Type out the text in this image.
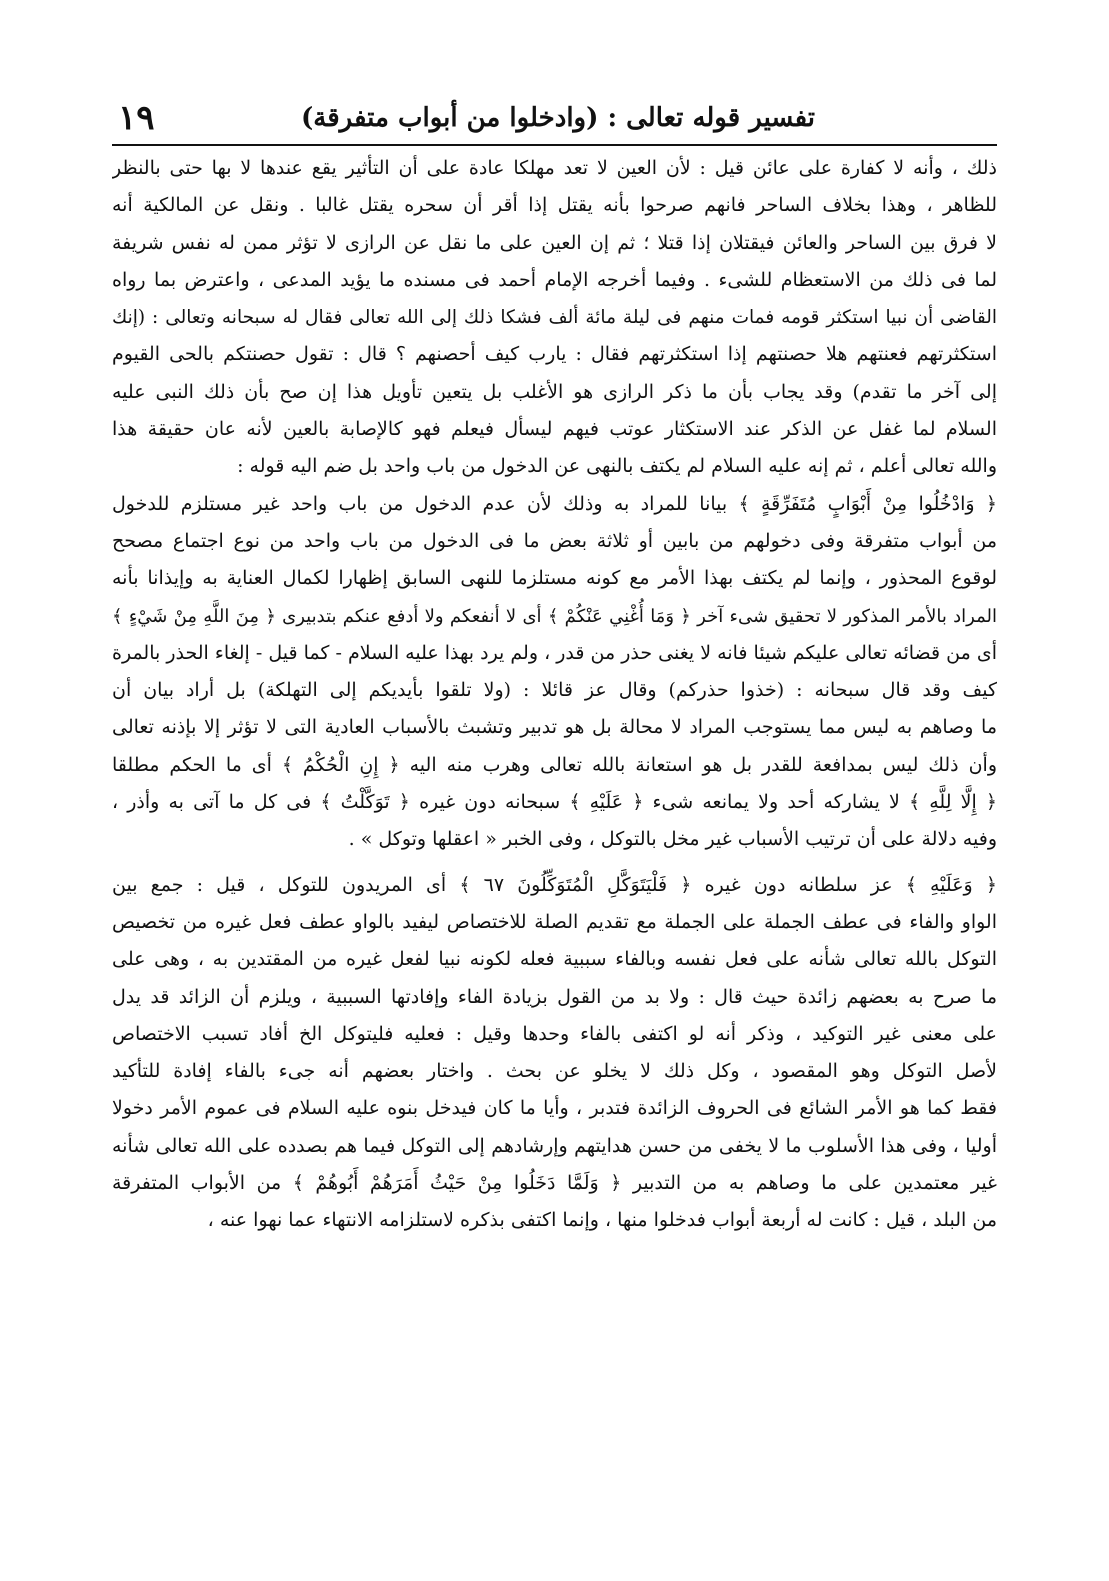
تفسير قوله تعالى : (وادخلوا من أبواب متفرقة)
١٩
ذلك ، وأنه لا كفارة على عائن قيل : لأن العين لا تعد مهلكا عادة على أن التأثير يقع عندها لا بها حتى بالنظر
للظاهر ، وهذا بخلاف الساحر فانهم صرحوا بأنه يقتل إذا أقر أن سحره يقتل غالبا . ونقل عن المالكية أنه
لا فرق بين الساحر والعائن فيقتلان إذا قتلا ؛ ثم إن العين على ما نقل عن الرازى لا تؤثر ممن له نفس شريفة
لما فى ذلك من الاستعظام للشىء . وفيما أخرجه الإمام أحمد فى مسنده ما يؤيد المدعى ، واعترض بما رواه
القاضى أن نبيا استكثر قومه فمات منهم فى ليلة مائة ألف فشكا ذلك إلى الله تعالى فقال له سبحانه وتعالى : (إنك
استكثرتهم فعنتهم هلا حصنتهم إذا استكثرتهم فقال : يارب كيف أحصنهم ؟ قال : تقول حصنتكم بالحى القيوم
إلى آخر ما تقدم) وقد يجاب بأن ما ذكر الرازى هو الأغلب بل يتعين تأويل هذا إن صح بأن ذلك النبى عليه
السلام لما غفل عن الذكر عند الاستكثار عوتب فيهم ليسأل فيعلم فهو كالإصابة بالعين لأنه عان حقيقة هذا
والله تعالى أعلم ، ثم إنه عليه السلام لم يكتف بالنهى عن الدخول من باب واحد بل ضم اليه قوله :
﴿ وَادْخُلُوا مِنْ أَبْوَابٍ مُتَفَرِّقَةٍ ﴾ بيانا للمراد به وذلك لأن عدم الدخول من باب واحد غير مستلزم للدخول
من أبواب متفرقة وفى دخولهم من بابين أو ثلاثة بعض ما فى الدخول من باب واحد من نوع اجتماع مصحح
لوقوع المحذور ، وإنما لم يكتف بهذا الأمر مع كونه مستلزما للنهى السابق إظهارا لكمال العناية به وإيذانا بأنه
المراد بالأمر المذكور لا تحقيق شىء آخر ﴿ وَمَا أُغْنِي عَنْكُمْ ﴾ أى لا أنفعكم ولا أدفع عنكم بتدبيرى ﴿ مِنَ اللَّهِ مِنْ شَيْءٍ ﴾
أى من قضائه تعالى عليكم شيئا فانه لا يغنى حذر من قدر ، ولم يرد بهذا عليه السلام - كما قيل - إلغاء الحذر بالمرة
كيف وقد قال سبحانه : (خذوا حذركم) وقال عز قائلا : (ولا تلقوا بأيديكم إلى التهلكة) بل أراد بيان أن
ما وصاهم به ليس مما يستوجب المراد لا محالة بل هو تدبير وتشبث بالأسباب العادية التى لا تؤثر إلا بإذنه تعالى
وأن ذلك ليس بمدافعة للقدر بل هو استعانة بالله تعالى وهرب منه اليه ﴿ إِنِ الْحُكْمُ ﴾ أى ما الحكم مطلقا
﴿ إِلَّا لِلَّهِ ﴾ لا يشاركه أحد ولا يمانعه شىء ﴿ عَلَيْهِ ﴾ سبحانه دون غيره ﴿ تَوَكَّلْتُ ﴾ فى كل ما آتى به وأذر ،
وفيه دلالة على أن ترتيب الأسباب غير مخل بالتوكل ، وفى الخبر « اعقلها وتوكل » .
﴿ وَعَلَيْهِ ﴾ عز سلطانه دون غيره ﴿ فَلْيَتَوَكَّلِ الْمُتَوَكِّلُونَ ٦٧ ﴾ أى المريدون للتوكل ، قيل : جمع بين
الواو والفاء فى عطف الجملة على الجملة مع تقديم الصلة للاختصاص ليفيد بالواو عطف فعل غيره من تخصيص
التوكل بالله تعالى شأنه على فعل نفسه وبالفاء سببية فعله لكونه نبيا لفعل غيره من المقتدين به ، وهى على
ما صرح به بعضهم زائدة حيث قال : ولا بد من القول بزيادة الفاء وإفادتها السببية ، ويلزم أن الزائد قد يدل
على معنى غير التوكيد ، وذكر أنه لو اكتفى بالفاء وحدها وقيل : فعليه فليتوكل الخ أفاد تسبب الاختصاص
لأصل التوكل وهو المقصود ، وكل ذلك لا يخلو عن بحث . واختار بعضهم أنه جىء بالفاء إفادة للتأكيد
فقط كما هو الأمر الشائع فى الحروف الزائدة فتدبر ، وأيا ما كان فيدخل بنوه عليه السلام فى عموم الأمر دخولا
أوليا ، وفى هذا الأسلوب ما لا يخفى من حسن هدايتهم وإرشادهم إلى التوكل فيما هم بصدده على الله تعالى شأنه
غير معتمدين على ما وصاهم به من التدبير ﴿ وَلَمَّا دَخَلُوا مِنْ حَيْثُ أَمَرَهُمْ أَبُوهُمْ ﴾ من الأبواب المتفرقة
من البلد ، قيل : كانت له أربعة أبواب فدخلوا منها ، وإنما اكتفى بذكره لاستلزامه الانتهاء عما نهوا عنه ،
